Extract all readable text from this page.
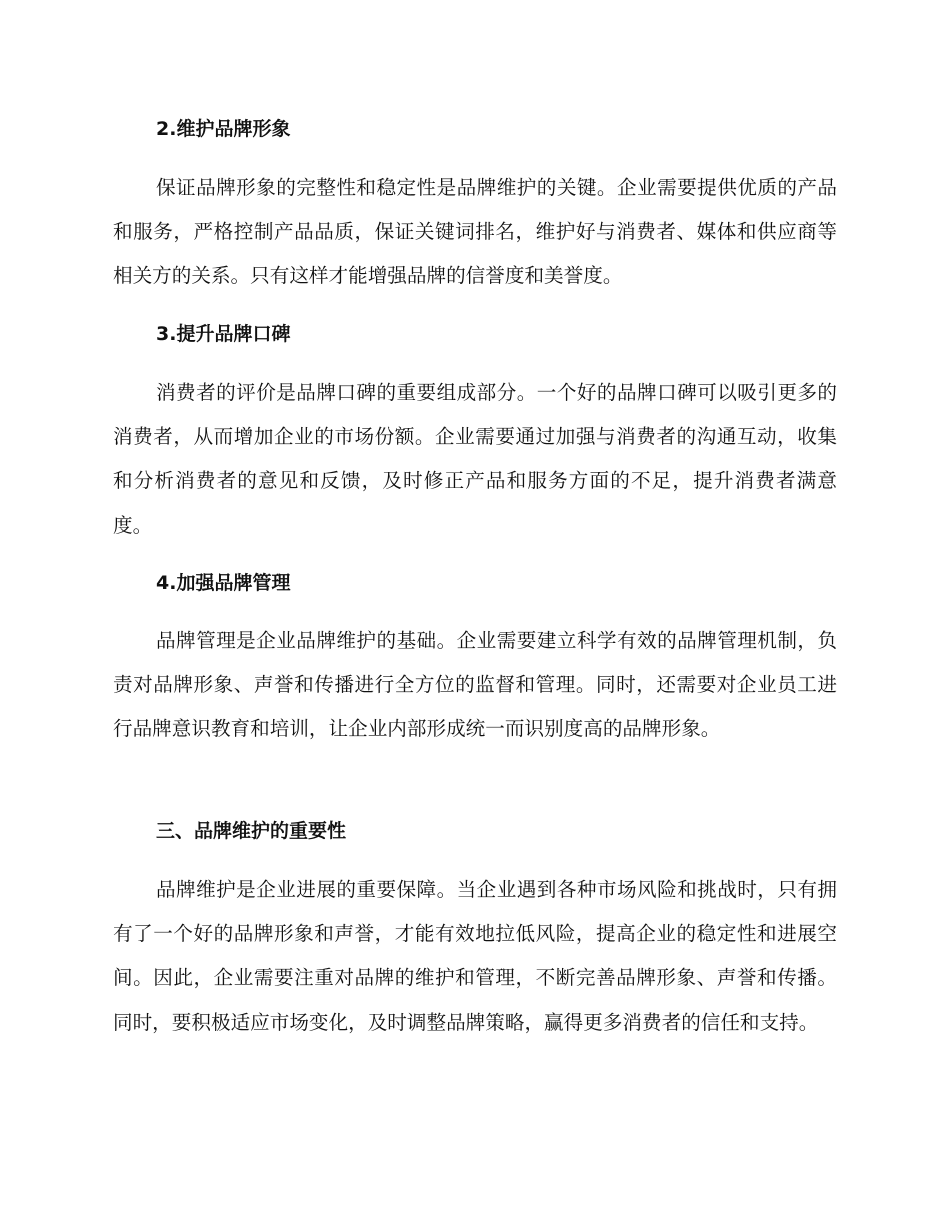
2.维护品牌形象

保证品牌形象的完整性和稳定性是品牌维护的关键。企业需要提供优质的产品和服务，严格控制产品品质，保证关键词排名，维护好与消费者、媒体和供应商等相关方的关系。只有这样才能增强品牌的信誉度和美誉度。

3.提升品牌口碑

消费者的评价是品牌口碑的重要组成部分。一个好的品牌口碑可以吸引更多的消费者，从而增加企业的市场份额。企业需要通过加强与消费者的沟通互动，收集和分析消费者的意见和反馈，及时修正产品和服务方面的不足，提升消费者满意度。

4.加强品牌管理

品牌管理是企业品牌维护的基础。企业需要建立科学有效的品牌管理机制，负责对品牌形象、声誉和传播进行全方位的监督和管理。同时，还需要对企业员工进行品牌意识教育和培训，让企业内部形成统一而识别度高的品牌形象。

三、品牌维护的重要性

品牌维护是企业进展的重要保障。当企业遇到各种市场风险和挑战时，只有拥有了一个好的品牌形象和声誉，才能有效地拉低风险，提高企业的稳定性和进展空间。因此，企业需要注重对品牌的维护和管理，不断完善品牌形象、声誉和传播。同时，要积极适应市场变化，及时调整品牌策略，赢得更多消费者的信任和支持。
